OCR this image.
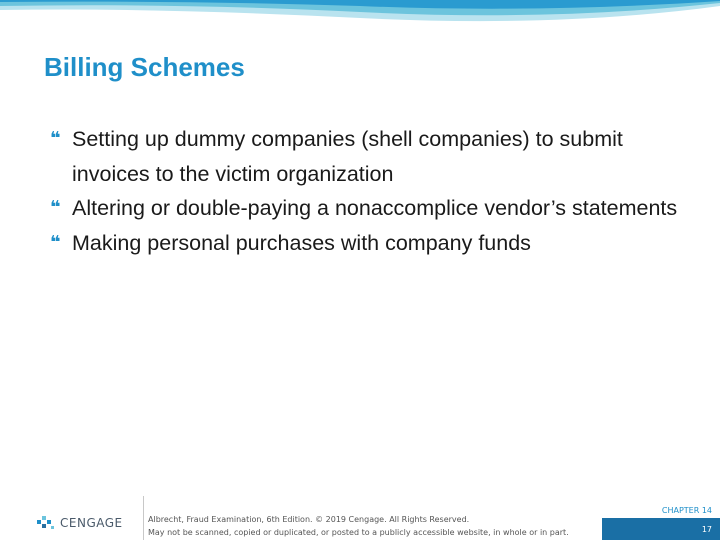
Billing Schemes
❝ Setting up dummy companies (shell companies) to submit invoices to the victim organization
❝ Altering or double-paying a nonaccomplice vendor’s statements
❝ Making personal purchases with company funds
CENGAGE	Albrecht, Fraud Examination, 6th Edition. © 2019 Cengage. All Rights Reserved.
May not be scanned, copied or duplicated, or posted to a publicly accessible website, in whole or in part.
CHAPTER 14
17
